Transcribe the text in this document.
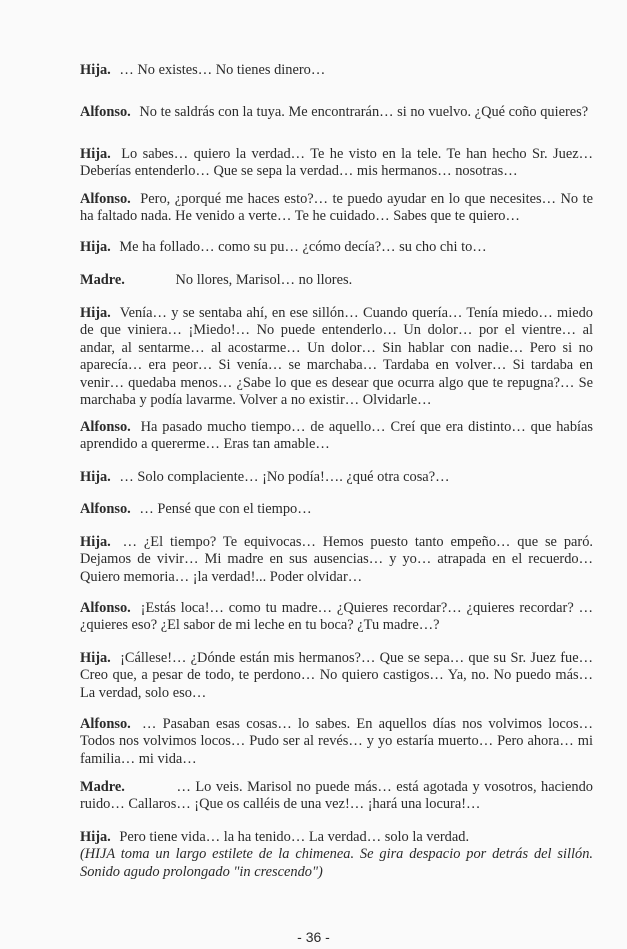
Hija. … No existes… No tienes dinero…

Alfonso. No te saldrás con la tuya. Me encontrarán… si no vuelvo. ¿Qué coño quieres?

Hija. Lo sabes… quiero la verdad… Te he visto en la tele. Te han hecho Sr. Juez… Deberías entenderlo… Que se sepa la verdad… mis hermanos… nosotras…

Alfonso. Pero, ¿porqué me haces esto?… te puedo ayudar en lo que necesites… No te ha faltado nada. He venido a verte… Te he cuidado… Sabes que te quiero…

Hija. Me ha follado… como su pu… ¿cómo decía?… su cho chi to…

Madre.	No llores, Marisol… no llores.

Hija. Venía… y se sentaba ahí, en ese sillón… Cuando quería… Tenía miedo… miedo de que viniera… ¡Miedo!… No puede entenderlo… Un dolor… por el vientre… al andar, al sentarme… al acostarme… Un dolor… Sin hablar con nadie… Pero si no aparecía… era peor… Si venía… se marchaba… Tardaba en volver… Si tardaba en venir… quedaba menos… ¿Sabe lo que es desear que ocurra algo que te repugna?… Se marchaba y podía lavarme. Volver a no existir… Olvidarle…

Alfonso. Ha pasado mucho tiempo… de aquello… Creí que era distinto… que habías aprendido a quererme… Eras tan amable…

Hija. … Solo complaciente… ¡No podía!…. ¿qué otra cosa?…

Alfonso. … Pensé que con el tiempo…

Hija. … ¿El tiempo? Te equivocas… Hemos puesto tanto empeño… que se paró. Dejamos de vivir… Mi madre en sus ausencias… y yo… atrapada en el recuerdo… Quiero memoria… ¡la verdad!... Poder olvidar…

Alfonso. ¡Estás loca!… como tu madre… ¿Quieres recordar?… ¿quieres recordar? … ¿quieres eso? ¿El sabor de mi leche en tu boca? ¿Tu madre…?

Hija. ¡Cállese!… ¿Dónde están mis hermanos?… Que se sepa… que su Sr. Juez fue… Creo que, a pesar de todo, te perdono… No quiero castigos… Ya, no. No puedo más… La verdad, solo eso…

Alfonso. … Pasaban esas cosas… lo sabes. En aquellos días nos volvimos locos… Todos nos volvimos locos… Pudo ser al revés… y yo estaría muerto… Pero ahora… mi familia… mi vida…

Madre.	… Lo veis. Marisol no puede más… está agotada y vosotros, haciendo ruido… Callaros… ¡Que os calléis de una vez!… ¡hará una locura!…

Hija. Pero tiene vida… la ha tenido… La verdad… solo la verdad.
(HIJA toma un largo estilete de la chimenea. Se gira despacio por detrás del sillón. Sonido agudo prolongado "in crescendo")
- 36 -
